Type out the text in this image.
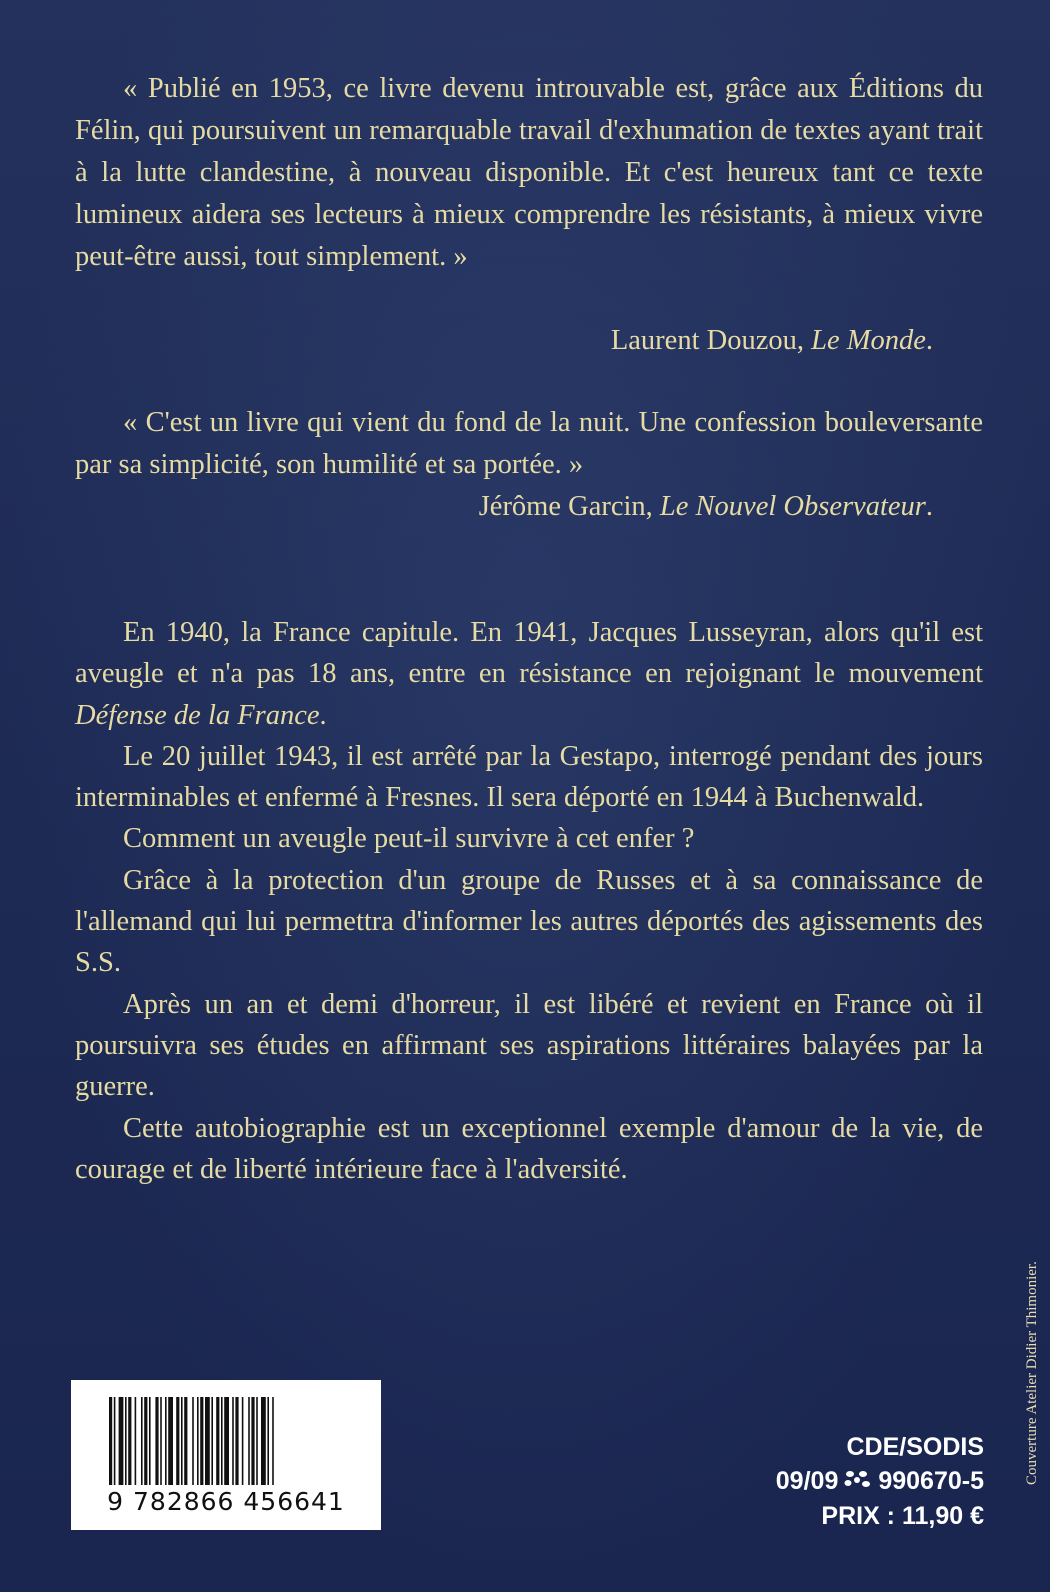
« Publié en 1953, ce livre devenu introuvable est, grâce aux Éditions du Félin, qui poursuivent un remarquable travail d'exhumation de textes ayant trait à la lutte clandestine, à nouveau disponible. Et c'est heureux tant ce texte lumineux aidera ses lecteurs à mieux comprendre les résistants, à mieux vivre peut-être aussi, tout simplement. »

Laurent Douzou, Le Monde.

« C'est un livre qui vient du fond de la nuit. Une confession bouleversante par sa simplicité, son humilité et sa portée. »

Jérôme Garcin, Le Nouvel Observateur.

En 1940, la France capitule. En 1941, Jacques Lusseyran, alors qu'il est aveugle et n'a pas 18 ans, entre en résistance en rejoignant le mouvement Défense de la France.

Le 20 juillet 1943, il est arrêté par la Gestapo, interrogé pendant des jours interminables et enfermé à Fresnes. Il sera déporté en 1944 à Buchenwald.

Comment un aveugle peut-il survivre à cet enfer ?

Grâce à la protection d'un groupe de Russes et à sa connaissance de l'allemand qui lui permettra d'informer les autres déportés des agissements des S.S.

Après un an et demi d'horreur, il est libéré et revient en France où il poursuivra ses études en affirmant ses aspirations littéraires balayées par la guerre.

Cette autobiographie est un exceptionnel exemple d'amour de la vie, de courage et de liberté intérieure face à l'adversité.

Couverture Atelier Didier Thimonier.
9 782866 456641
CDE/SODIS
09/09 990670-5
PRIX : 11,90 €
